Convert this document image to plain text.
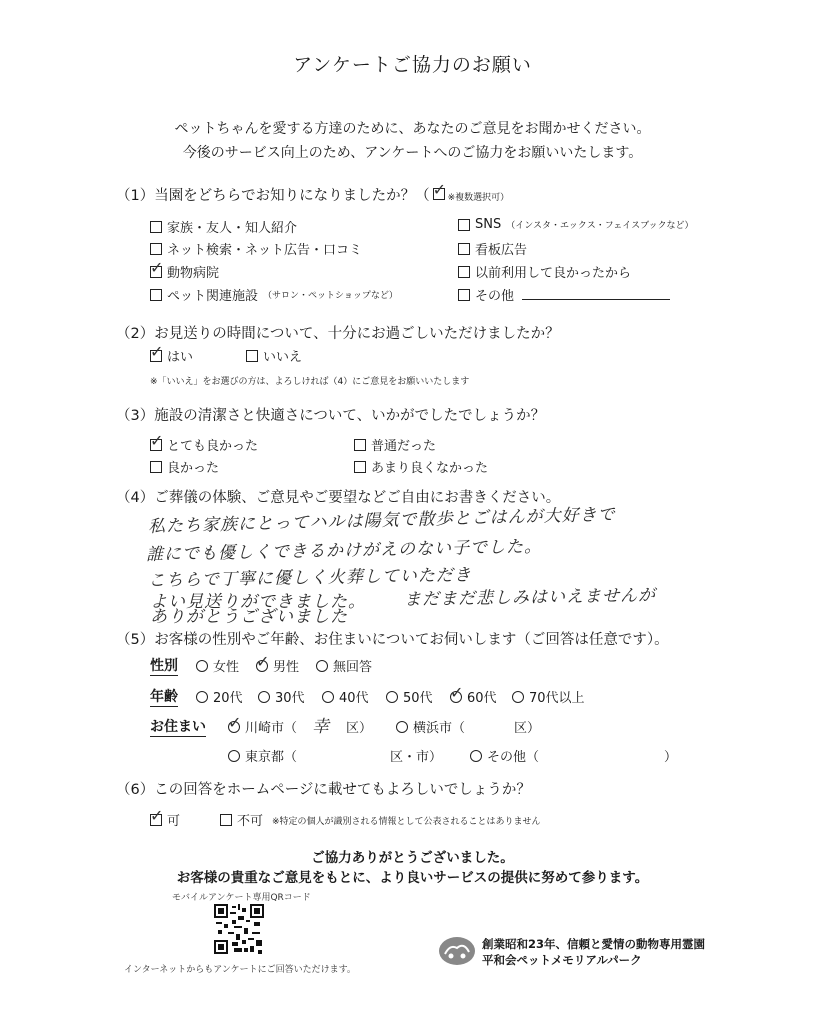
アンケートご協力のお願い
ペットちゃんを愛する方達のために、あなたのご意見をお聞かせください。
今後のサービス向上のため、アンケートへのご協力をお願いいたします。
（1）当園をどちらでお知りになりましたか？（ ✓ ※複数選択可）
家族・友人・知人紹介
ネット検索・ネット広告・口コミ
✓ 動物病院
ペット関連施設 （サロン・ペットショップなど）
SNS （インスタ・エックス・フェイスブックなど）
看板広告
以前利用して良かったから
その他
（2）お見送りの時間について、十分にお過ごしいただけましたか？
✓ はい	いいえ
※「いいえ」をお選びの方は、よろしければ（4）にご意見をお願いいたします
（3）施設の清潔さと快適さについて、いかがでしたでしょうか？
✓ とても良かった
良かった
普通だった
あまり良くなかった
（4）ご葬儀の体験、ご意見やご要望などご自由にお書きください。
私たち家族にとってハルは陽気で散歩とごはんが大好きで
誰にでも優しくできるかけがえのない子でした。
こちらで丁寧に優しく火葬していただき
よい見送りができました。 まだまだ悲しみはいえませんが
ありがとうございました
（5）お客様の性別やご年齢、お住まいについてお伺いします（ご回答は任意です）。
性別	女性 ✓ 男性	無回答
年齢	20代 30代	40代	50代 ✓ 60代 70代以上
お住まい ✓ 川崎市（ 幸 区）	横浜市（	区）
東京都（	区・市）	その他（	）
（6）この回答をホームページに載せてもよろしいでしょうか？
✓ 可	不可 ※特定の個人が識別される情報として公表されることはありません
ご協力ありがとうございました。
お客様の貴重なご意見をもとに、より良いサービスの提供に努めて参ります。
モバイルアンケート専用QRコード
インターネットからもアンケートにご回答いただけます。
創業昭和23年、信頼と愛情の動物専用霊園
平和会ペットメモリアルパーク
